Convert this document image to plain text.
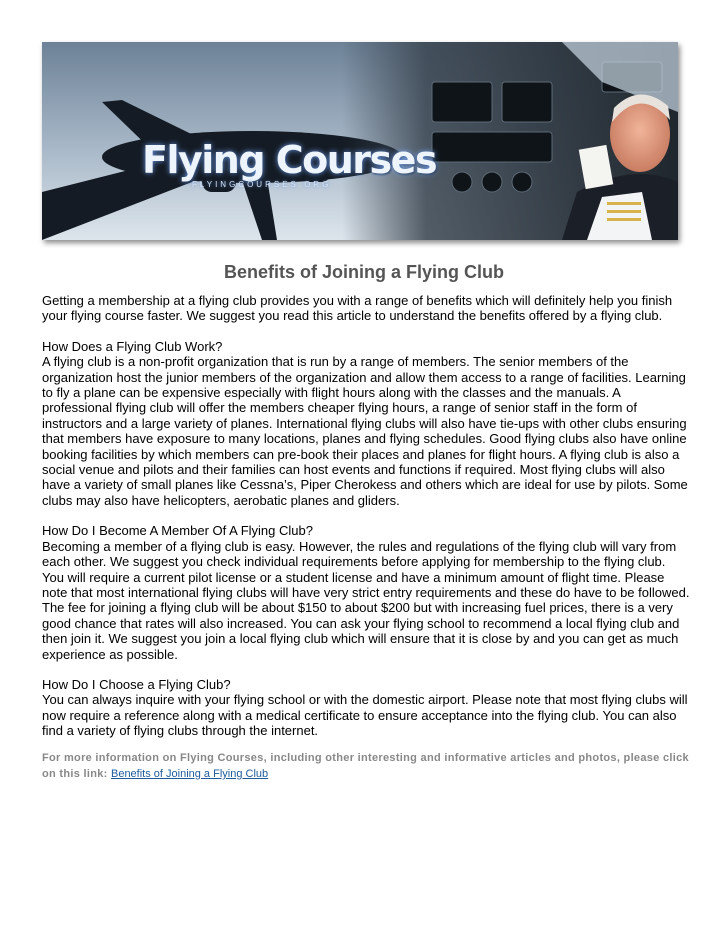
Flying Courses
FLYINGCOURSES.ORG
Benefits of Joining a Flying Club

Getting a membership at a flying club provides you with a range of benefits which will definitely help you finish your flying course faster. We suggest you read this article to understand the benefits offered by a flying club.

How Does a Flying Club Work?

A flying club is a non-profit organization that is run by a range of members. The senior members of the organization host the junior members of the organization and allow them access to a range of facilities. Learning to fly a plane can be expensive especially with flight hours along with the classes and the manuals. A professional flying club will offer the members cheaper flying hours, a range of senior staff in the form of instructors and a large variety of planes. International flying clubs will also have tie-ups with other clubs ensuring that members have exposure to many locations, planes and flying schedules. Good flying clubs also have online booking facilities by which members can pre-book their places and planes for flight hours. A flying club is also a social venue and pilots and their families can host events and functions if required. Most flying clubs will also have a variety of small planes like Cessna’s, Piper Cherokess and others which are ideal for use by pilots. Some clubs may also have helicopters, aerobatic planes and gliders.

How Do I Become A Member Of A Flying Club?

Becoming a member of a flying club is easy. However, the rules and regulations of the flying club will vary from each other. We suggest you check individual requirements before applying for membership to the flying club. You will require a current pilot license or a student license and have a minimum amount of flight time. Please note that most international flying clubs will have very strict entry requirements and these do have to be followed. The fee for joining a flying club will be about $150 to about $200 but with increasing fuel prices, there is a very good chance that rates will also increased. You can ask your flying school to recommend a local flying club and then join it. We suggest you join a local flying club which will ensure that it is close by and you can get as much experience as possible.

How Do I Choose a Flying Club?

You can always inquire with your flying school or with the domestic airport. Please note that most flying clubs will now require a reference along with a medical certificate to ensure acceptance into the flying club. You can also find a variety of flying clubs through the internet.

For more information on Flying Courses, including other interesting and informative articles and photos, please click on this link: Benefits of Joining a Flying Club
